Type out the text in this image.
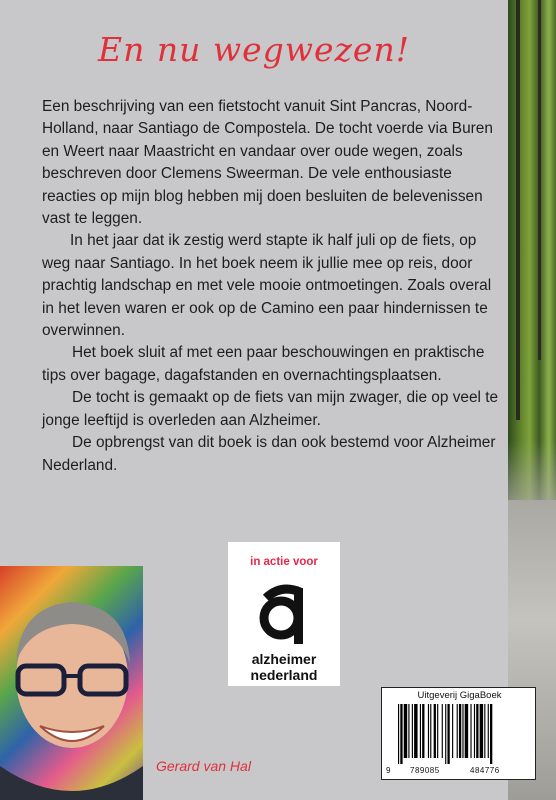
En nu wegwezen!

Een beschrijving van een fietstocht vanuit Sint Pancras, Noord-Holland, naar Santiago de Compostela. De tocht voerde via Buren en Weert naar Maastricht en vandaar over oude wegen, zoals beschreven door Clemens Sweerman. De vele enthousiaste reacties op mijn blog hebben mij doen besluiten de belevenissen vast te leggen.

In het jaar dat ik zestig werd stapte ik half juli op de fiets, op weg naar Santiago. In het boek neem ik jullie mee op reis, door prachtig landschap en met vele mooie ontmoetingen. Zoals overal in het leven waren er ook op de Camino een paar hindernissen te overwinnen.

Het boek sluit af met een paar beschouwingen en praktische tips over bagage, dagafstanden en overnachtingsplaatsen.

De tocht is gemaakt op de fiets van mijn zwager, die op veel te jonge leeftijd is overleden aan Alzheimer.

De opbrengst van dit boek is dan ook bestemd voor Alzheimer Nederland.

in actie voor
alzheimer
nederland
Gerard van Hal
Uitgeverij GigaBoek
9 789085	484776
